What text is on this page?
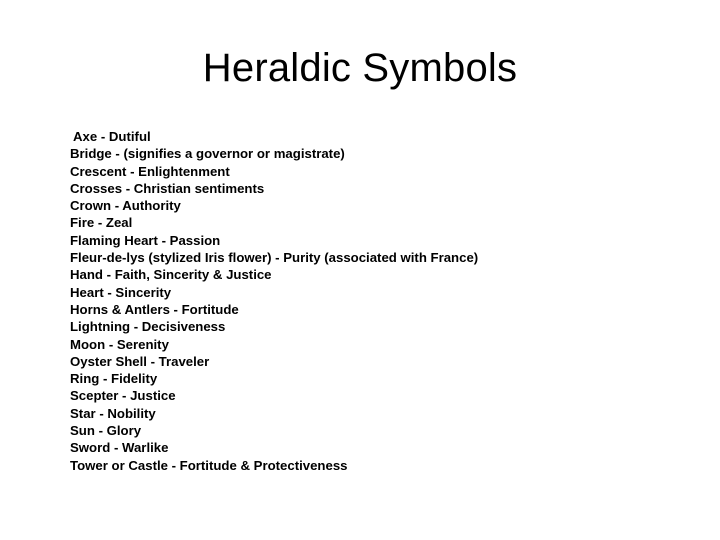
Heraldic Symbols
Axe - Dutiful
Bridge - (signifies a governor or magistrate)
Crescent - Enlightenment
Crosses - Christian sentiments
Crown - Authority
Fire - Zeal
Flaming Heart - Passion
Fleur-de-lys (stylized Iris flower) - Purity (associated with France)
Hand - Faith, Sincerity & Justice
Heart - Sincerity
Horns & Antlers - Fortitude
Lightning - Decisiveness
Moon - Serenity
Oyster Shell - Traveler
Ring - Fidelity
Scepter - Justice
Star - Nobility
Sun - Glory
Sword - Warlike
Tower or Castle - Fortitude & Protectiveness
